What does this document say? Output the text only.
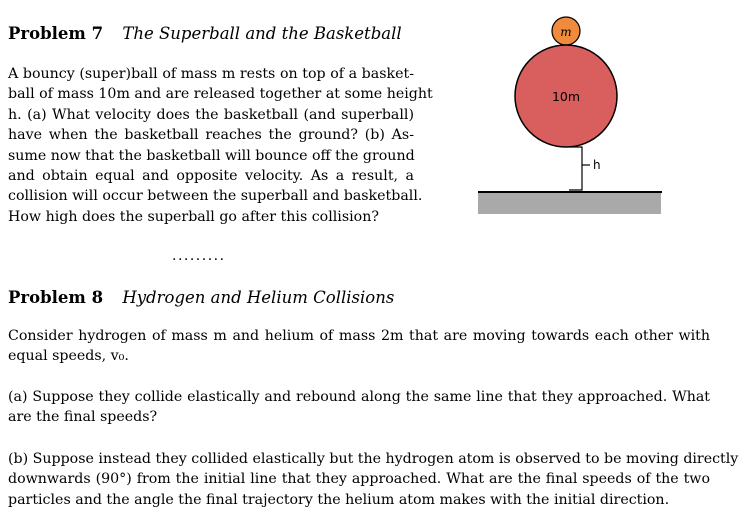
Problem 7 The Superball and the Basketball
A bouncy (super)ball of mass m rests on top of a basket-
ball of mass 10m and are released together at some height
h. (a) What velocity does the basketball (and superball)
have when the basketball reaches the ground? (b) As-
sume now that the basketball will bounce off the ground
and obtain equal and opposite velocity. As a result, a
collision will occur between the superball and basketball.
How high does the superball go after this collision?
m
10m
h
.........
Problem 8 Hydrogen and Helium Collisions
Consider hydrogen of mass m and helium of mass 2m that are moving towards each other with
equal speeds, v₀.
(a) Suppose they collide elastically and rebound along the same line that they approached. What
are the final speeds?
(b) Suppose instead they collided elastically but the hydrogen atom is observed to be moving directly
downwards (90°) from the initial line that they approached. What are the final speeds of the two
particles and the angle the final trajectory the helium atom makes with the initial direction.
